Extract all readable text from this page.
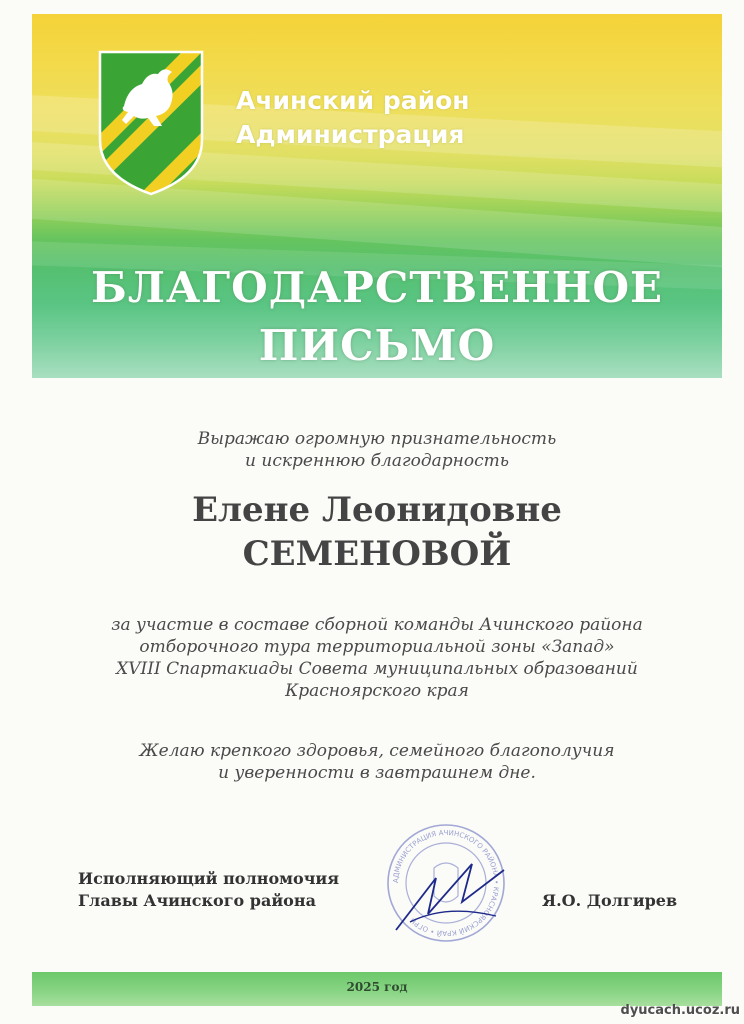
Ачинский район
Администрация
БЛАГОДАРСТВЕННОЕ
ПИСЬМО
Выражаю огромную признательность
и искреннюю благодарность
Елене Леонидовне
СЕМЕНОВОЙ
за участие в составе сборной команды Ачинского района
отборочного тура территориальной зоны «Запад»
XVIII Спартакиады Совета муниципальных образований
Красноярского края
Желаю крепкого здоровья, семейного благополучия
и уверенности в завтрашнем дне.
Исполняющий полномочия
Главы Ачинского района
АДМИНИСТРАЦИЯ АЧИНСКОГО РАЙОНА • КРАСНОЯРСКИЙ КРАЙ • ОГРН
Я.О. Долгирев
2025 год
dyucach.ucoz.ru
